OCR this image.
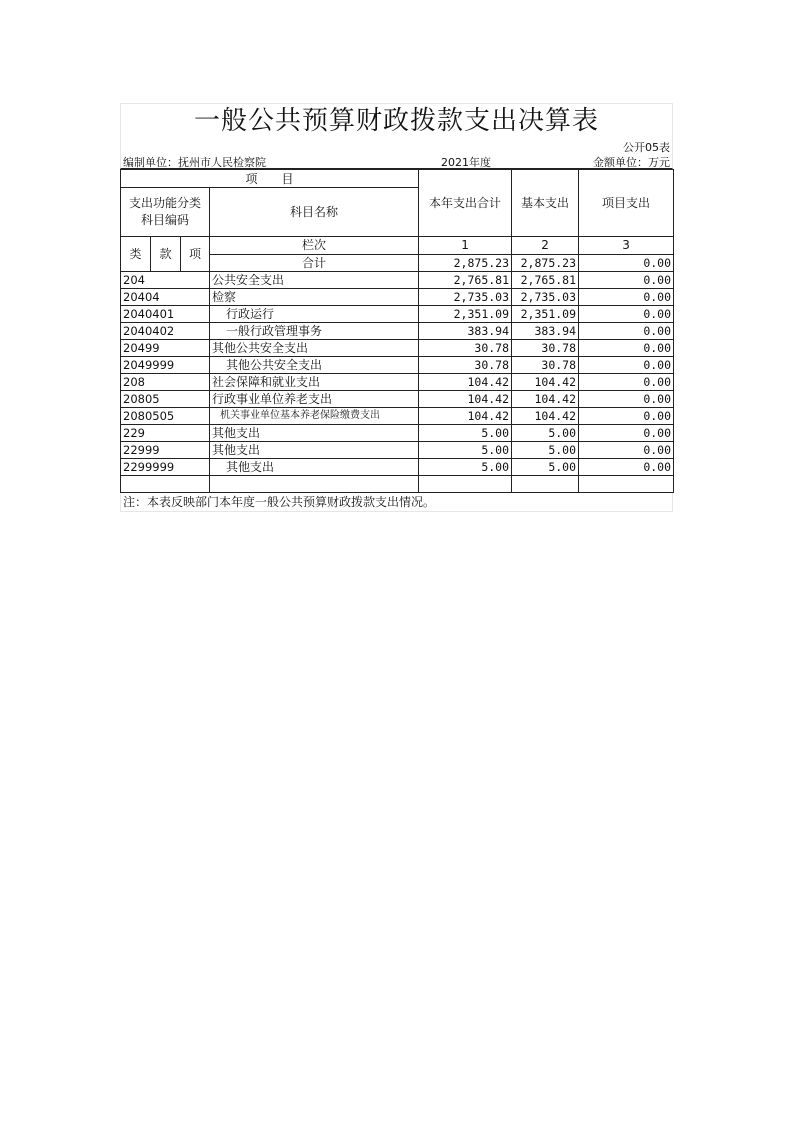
一般公共预算财政拨款支出决算表
公开05表
编制单位：抚州市人民检察院	2021年度	金额单位：万元
项　　目				本年支出合计	基本支出	项目支出
支出功能分类
科目编码			科目名称			

类	款	项	栏次	1	2	3
			合计	2,875.23	2,875.23	0.00
204			公共安全支出	2,765.81	2,765.81	0.00
20404			检察	2,735.03	2,735.03	0.00
2040401			行政运行	2,351.09	2,351.09	0.00
2040402			一般行政管理事务	383.94	383.94	0.00
20499			其他公共安全支出	30.78	30.78	0.00
2049999			其他公共安全支出	30.78	30.78	0.00
208			社会保障和就业支出	104.42	104.42	0.00
20805			行政事业单位养老支出	104.42	104.42	0.00
2080505			机关事业单位基本养老保险缴费支出	104.42	104.42	0.00
229			其他支出	5.00	5.00	0.00
22999			其他支出	5.00	5.00	0.00
2299999			其他支出	5.00	5.00	0.00

注：本表反映部门本年度一般公共预算财政拨款支出情况。
